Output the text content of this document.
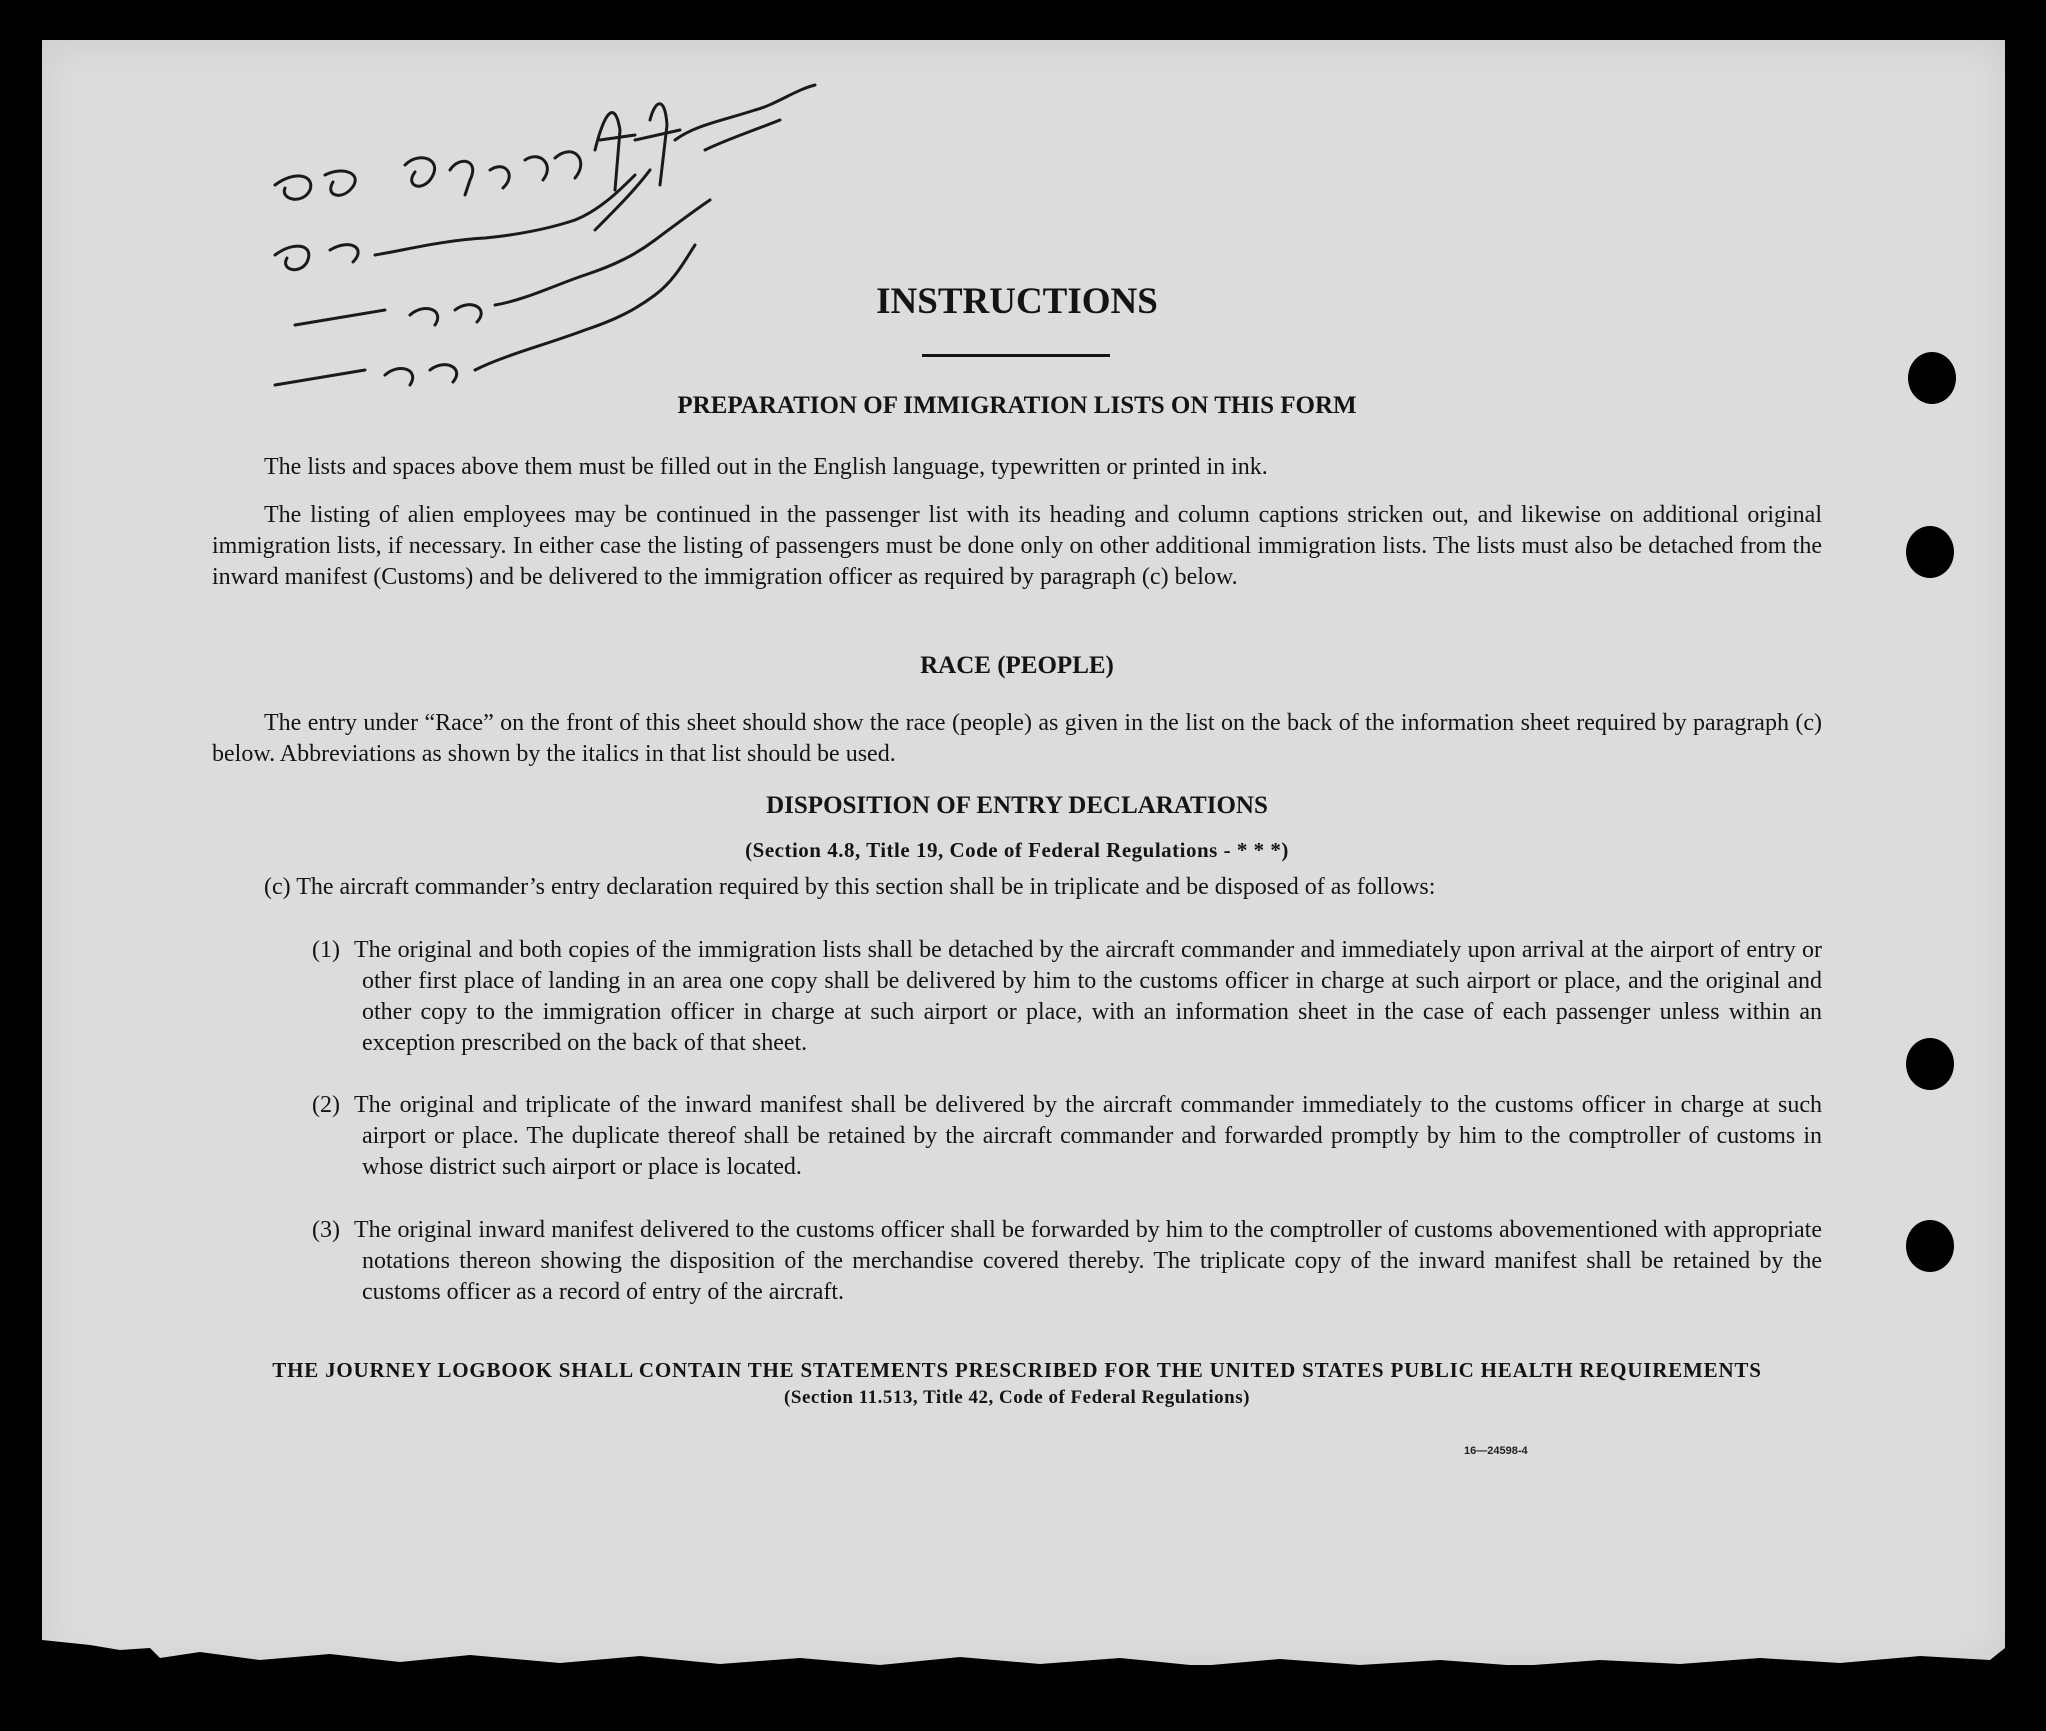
INSTRUCTIONS
PREPARATION OF IMMIGRATION LISTS ON THIS FORM

The lists and spaces above them must be filled out in the English language, typewritten or printed in ink.

The listing of alien employees may be continued in the passenger list with its heading and column captions stricken out, and likewise on additional original immigration lists, if necessary. In either case the listing of passengers must be done only on other additional immigration lists. The lists must also be detached from the inward manifest (Customs) and be delivered to the immigration officer as required by paragraph (c) below.

RACE (PEOPLE)

The entry under “Race” on the front of this sheet should show the race (people) as given in the list on the back of the information sheet required by paragraph (c) below. Abbreviations as shown by the italics in that list should be used.

DISPOSITION OF ENTRY DECLARATIONS
(Section 4.8, Title 19, Code of Federal Regulations - * * *)

(c) The aircraft commander’s entry declaration required by this section shall be in triplicate and be disposed of as follows:

(1) The original and both copies of the immigration lists shall be detached by the aircraft commander and immediately upon arrival at the airport of entry or other first place of landing in an area one copy shall be delivered by him to the customs officer in charge at such airport or place, and the original and other copy to the immigration officer in charge at such airport or place, with an information sheet in the case of each passenger unless within an exception prescribed on the back of that sheet.
(2) The original and triplicate of the inward manifest shall be delivered by the aircraft commander immediately to the customs officer in charge at such airport or place. The duplicate thereof shall be retained by the aircraft commander and forwarded promptly by him to the comptroller of customs in whose district such airport or place is located.
(3) The original inward manifest delivered to the customs officer shall be forwarded by him to the comptroller of customs abovementioned with appropriate notations thereon showing the disposition of the merchandise covered thereby. The triplicate copy of the inward manifest shall be retained by the customs officer as a record of entry of the aircraft.
THE JOURNEY LOGBOOK SHALL CONTAIN THE STATEMENTS PRESCRIBED FOR THE UNITED STATES PUBLIC HEALTH REQUIREMENTS
(Section 11.513, Title 42, Code of Federal Regulations)
16—24598-4
